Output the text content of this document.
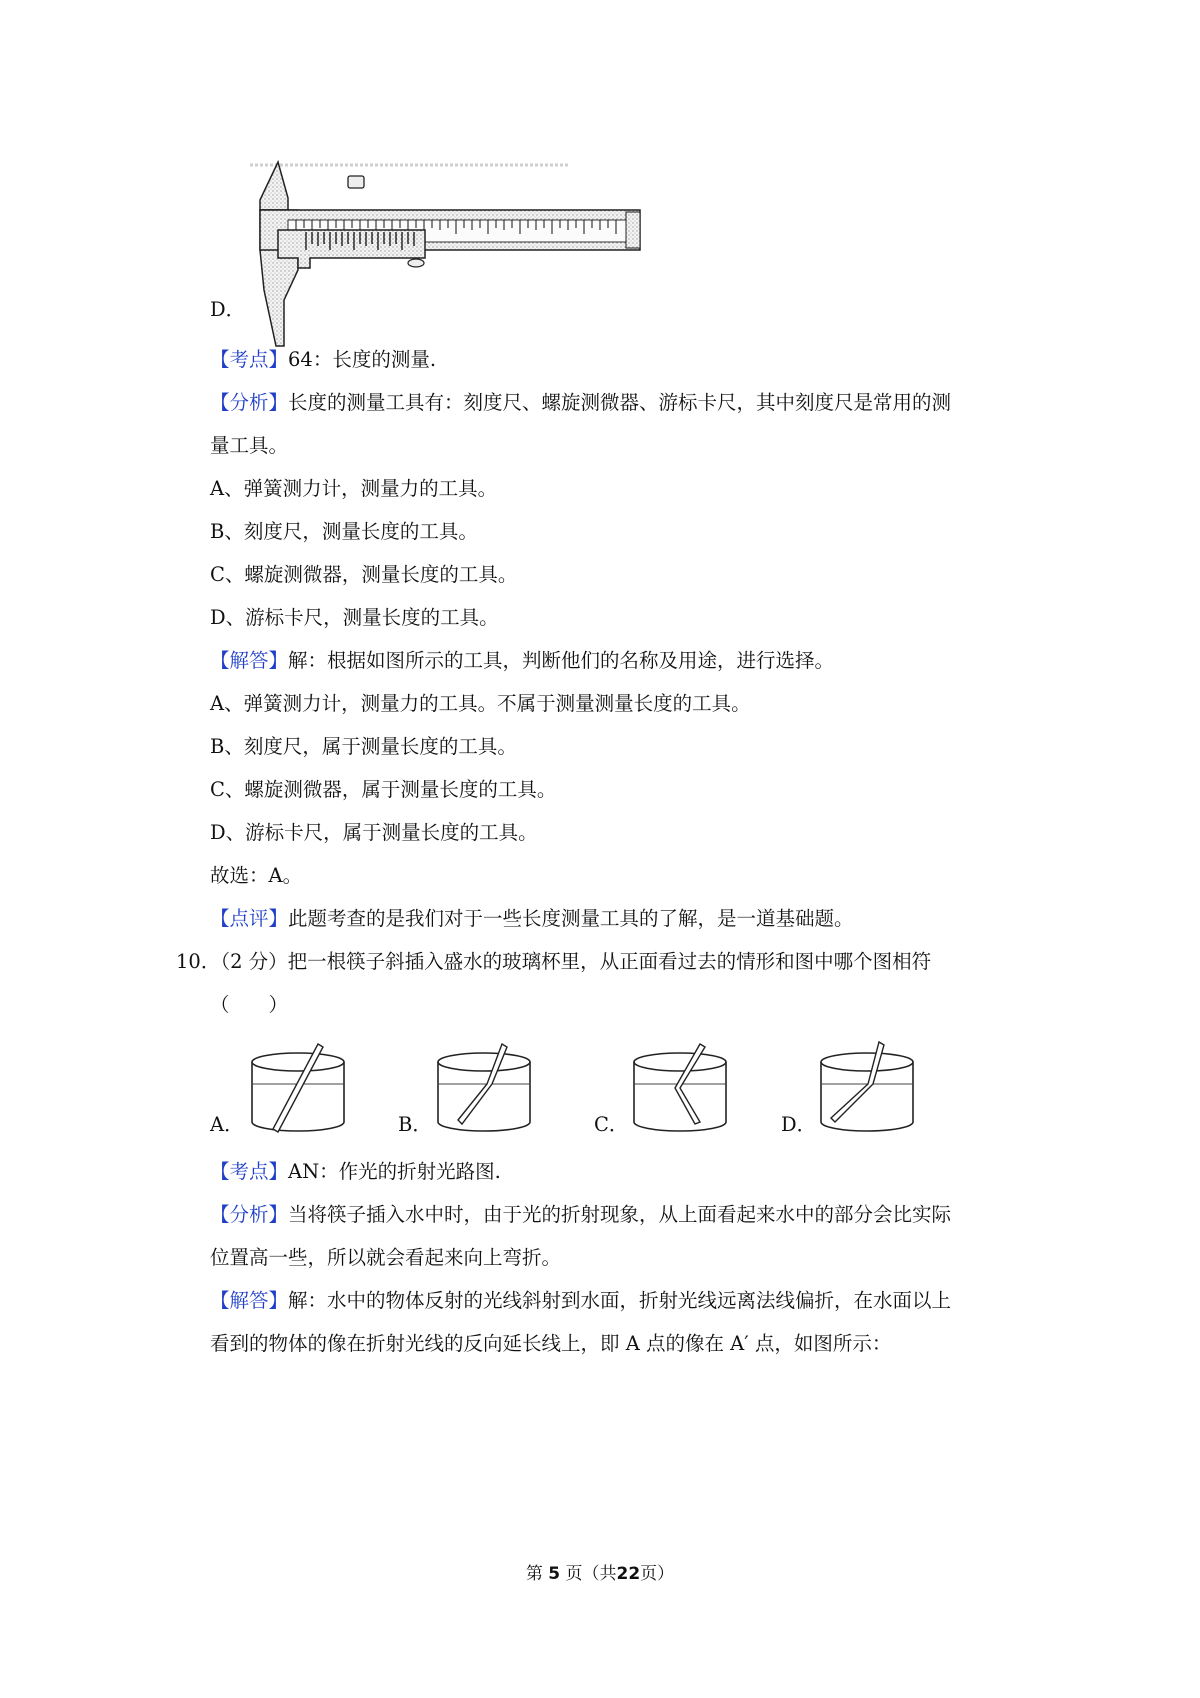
D．
【考点】64：长度的测量.
【分析】长度的测量工具有：刻度尺、螺旋测微器、游标卡尺，其中刻度尺是常用的测
量工具。
A、弹簧测力计，测量力的工具。
B、刻度尺，测量长度的工具。
C、螺旋测微器，测量长度的工具。
D、游标卡尺，测量长度的工具。
【解答】解：根据如图所示的工具，判断他们的名称及用途，进行选择。
A、弹簧测力计，测量力的工具。不属于测量测量长度的工具。
B、刻度尺，属于测量长度的工具。
C、螺旋测微器，属于测量长度的工具。
D、游标卡尺，属于测量长度的工具。
故选：A。
【点评】此题考查的是我们对于一些长度测量工具的了解，是一道基础题。
10．（2 分）把一根筷子斜插入盛水的玻璃杯里，从正面看过去的情形和图中哪个图相符
（　　）
A．	B．	C．	D．
【考点】AN：作光的折射光路图.
【分析】当将筷子插入水中时，由于光的折射现象，从上面看起来水中的部分会比实际
位置高一些，所以就会看起来向上弯折。
【解答】解：水中的物体反射的光线斜射到水面，折射光线远离法线偏折，在水面以上
看到的物体的像在折射光线的反向延长线上，即 A 点的像在 A′ 点，如图所示：
第 5 页（共22页）
